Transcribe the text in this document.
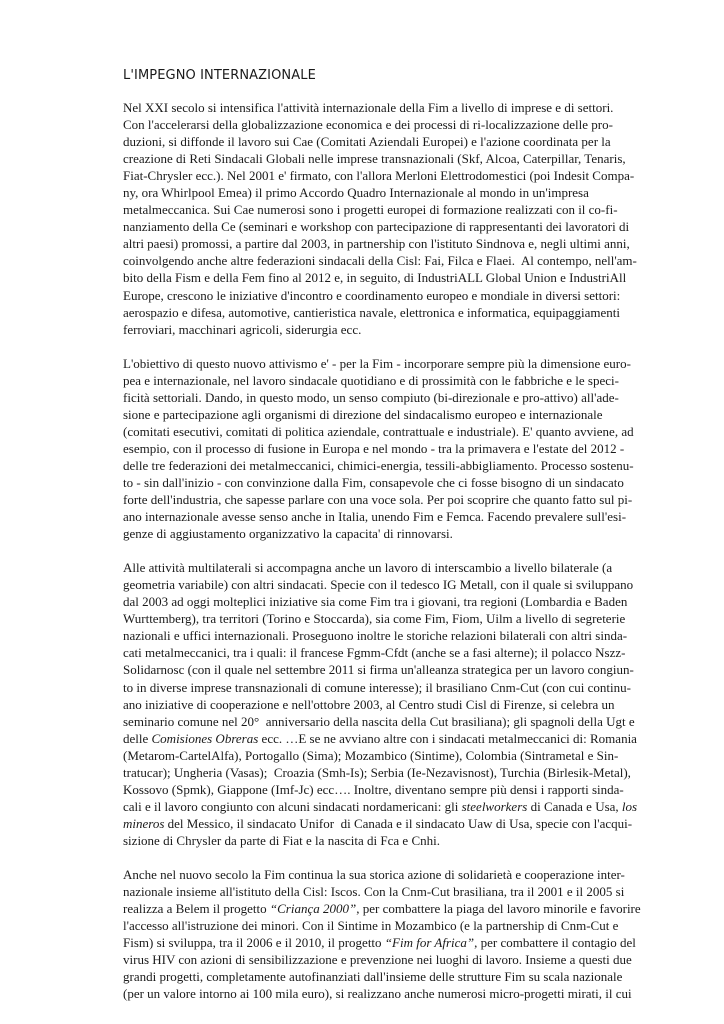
L'IMPEGNO INTERNAZIONALE
Nel XXI secolo si intensifica l'attività internazionale della Fim a livello di imprese e di settori.
Con l'accelerarsi della globalizzazione economica e dei processi di ri-localizzazione delle pro-
duzioni, si diffonde il lavoro sui Cae (Comitati Aziendali Europei) e l'azione coordinata per la
creazione di Reti Sindacali Globali nelle imprese transnazionali (Skf, Alcoa, Caterpillar, Tenaris,
Fiat-Chrysler ecc.). Nel 2001 e' firmato, con l'allora Merloni Elettrodomestici (poi Indesit Compa-
ny, ora Whirlpool Emea) il primo Accordo Quadro Internazionale al mondo in un'impresa
metalmeccanica. Sui Cae numerosi sono i progetti europei di formazione realizzati con il co-fi-
nanziamento della Ce (seminari e workshop con partecipazione di rappresentanti dei lavoratori di
altri paesi) promossi, a partire dal 2003, in partnership con l'istituto Sindnova e, negli ultimi anni,
coinvolgendo anche altre federazioni sindacali della Cisl: Fai, Filca e Flaei.  Al contempo, nell'am-
bito della Fism e della Fem fino al 2012 e, in seguito, di IndustriALL Global Union e IndustriAll
Europe, crescono le iniziative d'incontro e coordinamento europeo e mondiale in diversi settori:
aerospazio e difesa, automotive, cantieristica navale, elettronica e informatica, equipaggiamenti
ferroviari, macchinari agricoli, siderurgia ecc.
L'obiettivo di questo nuovo attivismo e' - per la Fim - incorporare sempre più la dimensione euro-
pea e internazionale, nel lavoro sindacale quotidiano e di prossimità con le fabbriche e le speci-
ficità settoriali. Dando, in questo modo, un senso compiuto (bi-direzionale e pro-attivo) all'ade-
sione e partecipazione agli organismi di direzione del sindacalismo europeo e internazionale
(comitati esecutivi, comitati di politica aziendale, contrattuale e industriale). E' quanto avviene, ad
esempio, con il processo di fusione in Europa e nel mondo - tra la primavera e l'estate del 2012 -
delle tre federazioni dei metalmeccanici, chimici-energia, tessili-abbigliamento. Processo sostenu-
to - sin dall'inizio - con convinzione dalla Fim, consapevole che ci fosse bisogno di un sindacato
forte dell'industria, che sapesse parlare con una voce sola. Per poi scoprire che quanto fatto sul pi-
ano internazionale avesse senso anche in Italia, unendo Fim e Femca. Facendo prevalere sull'esi-
genze di aggiustamento organizzativo la capacita' di rinnovarsi.
Alle attività multilaterali si accompagna anche un lavoro di interscambio a livello bilaterale (a
geometria variabile) con altri sindacati. Specie con il tedesco IG Metall, con il quale si sviluppano
dal 2003 ad oggi molteplici iniziative sia come Fim tra i giovani, tra regioni (Lombardia e Baden
Wurttemberg), tra territori (Torino e Stoccarda), sia come Fim, Fiom, Uilm a livello di segreterie
nazionali e uffici internazionali. Proseguono inoltre le storiche relazioni bilaterali con altri sinda-
cati metalmeccanici, tra i quali: il francese Fgmm-Cfdt (anche se a fasi alterne); il polacco Nszz-
Solidarnosc (con il quale nel settembre 2011 si firma un'alleanza strategica per un lavoro congiun-
to in diverse imprese transnazionali di comune interesse); il brasiliano Cnm-Cut (con cui continu-
ano iniziative di cooperazione e nell'ottobre 2003, al Centro studi Cisl di Firenze, si celebra un
seminario comune nel 20°  anniversario della nascita della Cut brasiliana); gli spagnoli della Ugt e
delle Comisiones Obreras ecc. …E se ne avviano altre con i sindacati metalmeccanici di: Romania
(Metarom-CartelAlfa), Portogallo (Sima); Mozambico (Sintime), Colombia (Sintrametal e Sin-
tratucar); Ungheria (Vasas);  Croazia (Smh-Is); Serbia (Ie-Nezavisnost), Turchia (Birlesik-Metal),
Kossovo (Spmk), Giappone (Imf-Jc) ecc…. Inoltre, diventano sempre più densi i rapporti sinda-
cali e il lavoro congiunto con alcuni sindacati nordamericani: gli steelworkers di Canada e Usa, los
mineros del Messico, il sindacato Unifor  di Canada e il sindacato Uaw di Usa, specie con l'acqui-
sizione di Chrysler da parte di Fiat e la nascita di Fca e Cnhi.
Anche nel nuovo secolo la Fim continua la sua storica azione di solidarietà e cooperazione inter-
nazionale insieme all'istituto della Cisl: Iscos. Con la Cnm-Cut brasiliana, tra il 2001 e il 2005 si
realizza a Belem il progetto “Criança 2000”, per combattere la piaga del lavoro minorile e favorire
l'accesso all'istruzione dei minori. Con il Sintime in Mozambico (e la partnership di Cnm-Cut e
Fism) si sviluppa, tra il 2006 e il 2010, il progetto “Fim for Africa”, per combattere il contagio del
virus HIV con azioni di sensibilizzazione e prevenzione nei luoghi di lavoro. Insieme a questi due
grandi progetti, completamente autofinanziati dall'insieme delle strutture Fim su scala nazionale
(per un valore intorno ai 100 mila euro), si realizzano anche numerosi micro-progetti mirati, il cui
